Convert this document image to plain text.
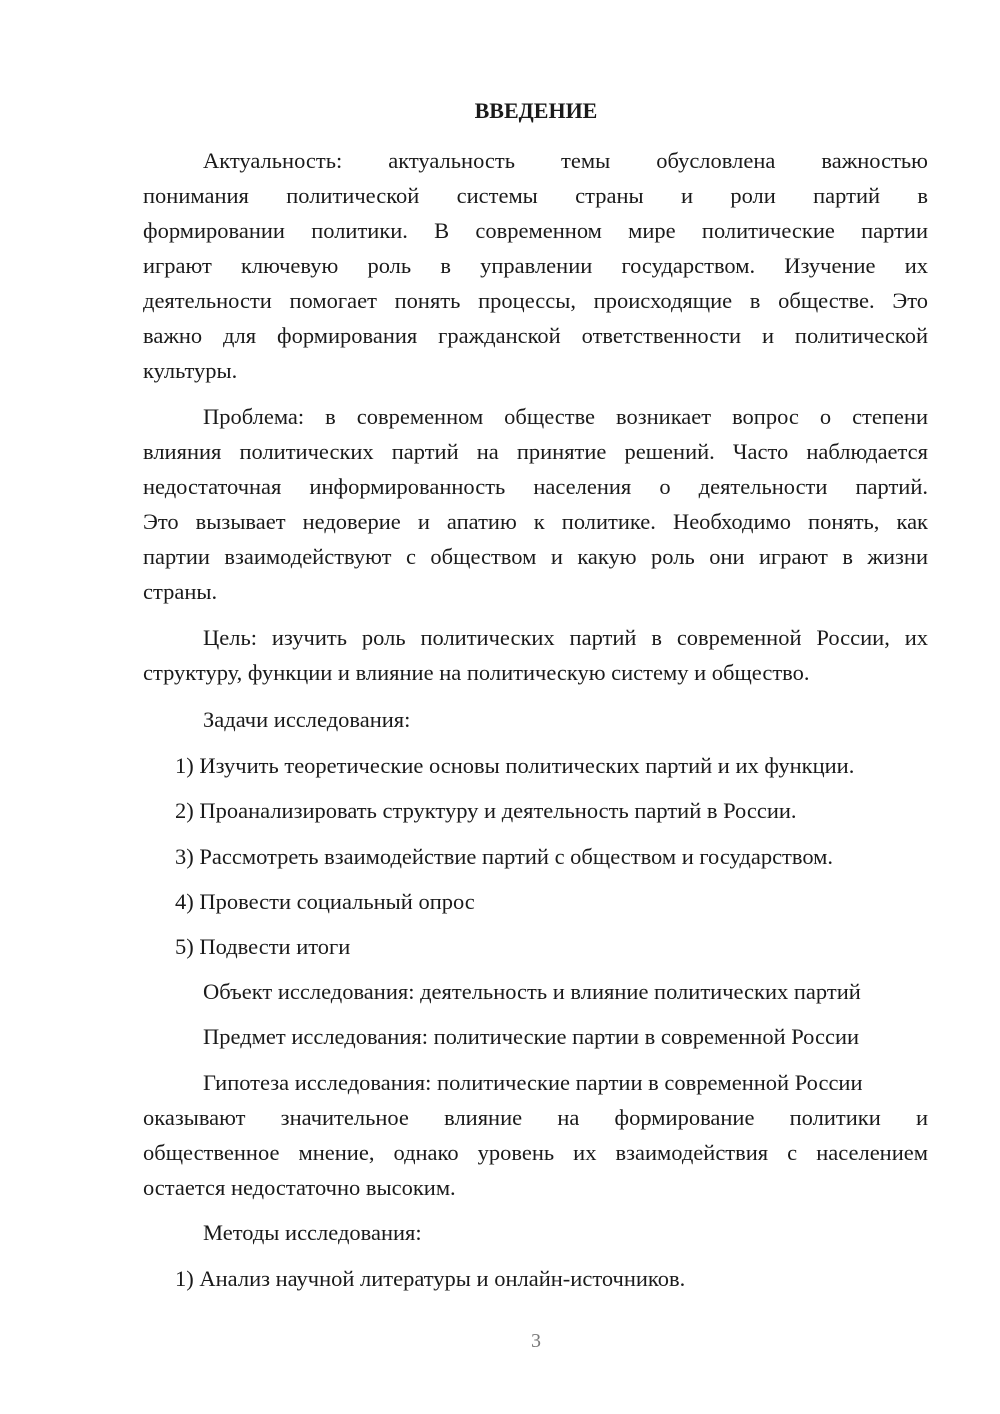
ВВЕДЕНИЕ
Актуальность: актуальность темы обусловлена важностью
понимания политической системы страны и роли партий в
формировании политики. В современном мире политические партии
играют ключевую роль в управлении государством. Изучение их
деятельности помогает понять процессы, происходящие в обществе. Это
важно для формирования гражданской ответственности и политической
культуры.
Проблема: в современном обществе возникает вопрос о степени
влияния политических партий на принятие решений. Часто наблюдается
недостаточная информированность населения о деятельности партий.
Это вызывает недоверие и апатию к политике. Необходимо понять, как
партии взаимодействуют с обществом и какую роль они играют в жизни
страны.
Цель: изучить роль политических партий в современной России, их
структуру, функции и влияние на политическую систему и общество.
Задачи исследования:
1) Изучить теоретические основы политических партий и их функции.
2) Проанализировать структуру и деятельность партий в России.
3) Рассмотреть взаимодействие партий с обществом и государством.
4) Провести социальный опрос
5) Подвести итоги
Объект исследования: деятельность и влияние политических партий
Предмет исследования: политические партии в современной России
Гипотеза исследования: политические партии в современной России
оказывают значительное влияние на формирование политики и
общественное мнение, однако уровень их взаимодействия с населением
остается недостаточно высоким.
Методы исследования:
1) Анализ научной литературы и онлайн-источников.
3
